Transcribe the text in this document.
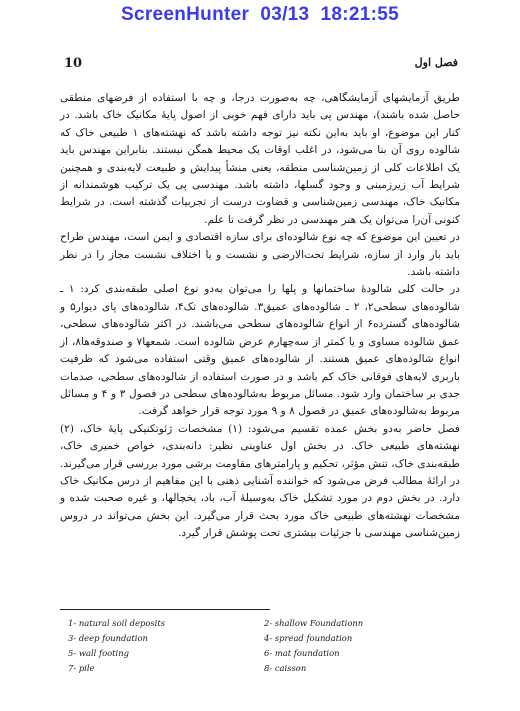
ScreenHunter  03/13  18:21:55
10	فصل اول

طریق آزمایشهای آزمایشگاهی، چه به‌صورت درجا، و چه با استفاده از فرضهای منطقی حاصل شده باشند)، مهندس پی باید دارای فهم خوبی از اصول پایهٔ مکانیک خاک باشد. در کنار این موضوع، او باید به‌این نکته نیز توجه داشته باشد که نهشته‌های ۱ طبیعی خاک که شالوده روی آن بنا می‌شود، در اغلب اوقات یک محیط همگن نیستند. بنابراین مهندس باید یک اطلاعات کلی از زمین‌شناسی منطقه، یعنی منشأ پیدایش و طبیعت لایه‌بندی و همچنین شرایط آب زیرزمینی و وجود گسلها، داشته باشد. مهندسی پی یک ترکیب هوشمندانه از مکانیک خاک، مهندسی زمین‌شناسی و قضاوت درست از تجربیات گذشته است. در شرایط کنونی آن‌را می‌توان یک هنر مهندسی در نظر گرفت تا علم.

در تعیین این موضوع که چه نوع شالوده‌ای برای سازه اقتصادی و ایمن است، مهندس طراح باید بار وارد از سازه، شرایط تحت‌الارضی و نشست و یا اختلاف نشست مجاز را در نظر داشته باشد.

در حالت کلی شالودهٔ ساختمانها و پلها را می‌توان به‌دو نوع اصلی طبقه‌بندی کرد: ۱ ـ شالوده‌های سطحی۲، ۲ ـ شالوده‌های عمیق۳. شالوده‌های تک۴، شالوده‌های پای دیوار۵ و شالوده‌های گسترده۶ از انواع شالوده‌های سطحی می‌باشند. در اکثر شالوده‌های سطحی، عمق شالوده مساوی و یا کمتر از سه‌چهارم عرض شالوده است. شمعها۷ و صندوقه‌ها۸، از انواع شالوده‌های عمیق هستند. از شالوده‌های عمیق وقتی استفاده می‌شود که ظرفیت باربری لایه‌های فوقانی خاک کم باشد و در صورت استفاده از شالوده‌های سطحی، صدمات جدی بر ساختمان وارد شود. مسائل مربوط به‌شالوده‌های سطحی در فصول ۳ و ۴ و مسائل مربوط به‌شالوده‌های عمیق در فصول ۸ و ۹ مورد توجه قرار خواهد گرفت.

فصل حاضر به‌دو بخش عمده تقسیم می‌شود: (۱) مشخصات ژئوتکنیکی پایهٔ خاک، (۲) نهشته‌های طبیعی خاک. در بخش اول عناوینی نظیر: دانه‌بندی، خواص خمیری خاک، طبقه‌بندی خاک، تنش مؤثر، تحکیم و پارامترهای مقاومت برشی مورد بررسی قرار می‌گیرند. در ارائهٔ مطالب فرض می‌شود که خواننده آشنایی ذهنی با این مفاهیم از درس مکانیک خاک دارد. در بخش دوم در مورد تشکیل خاک به‌وسیلهٔ آب، باد، یخچالها، و غیره صحبت شده و مشخصات نهشته‌های طبیعی خاک مورد بحث قرار می‌گیرد. این بخش می‌تواند در دروس زمین‌شناسی مهندسی با جزئیات بیشتری تحت پوشش قرار گیرد.

1- natural soil deposits	2- shallow Foundationn
3- deep foundation	4- spread foundation
5- wall footing	6- mat foundation
7- pile	8- caisson
